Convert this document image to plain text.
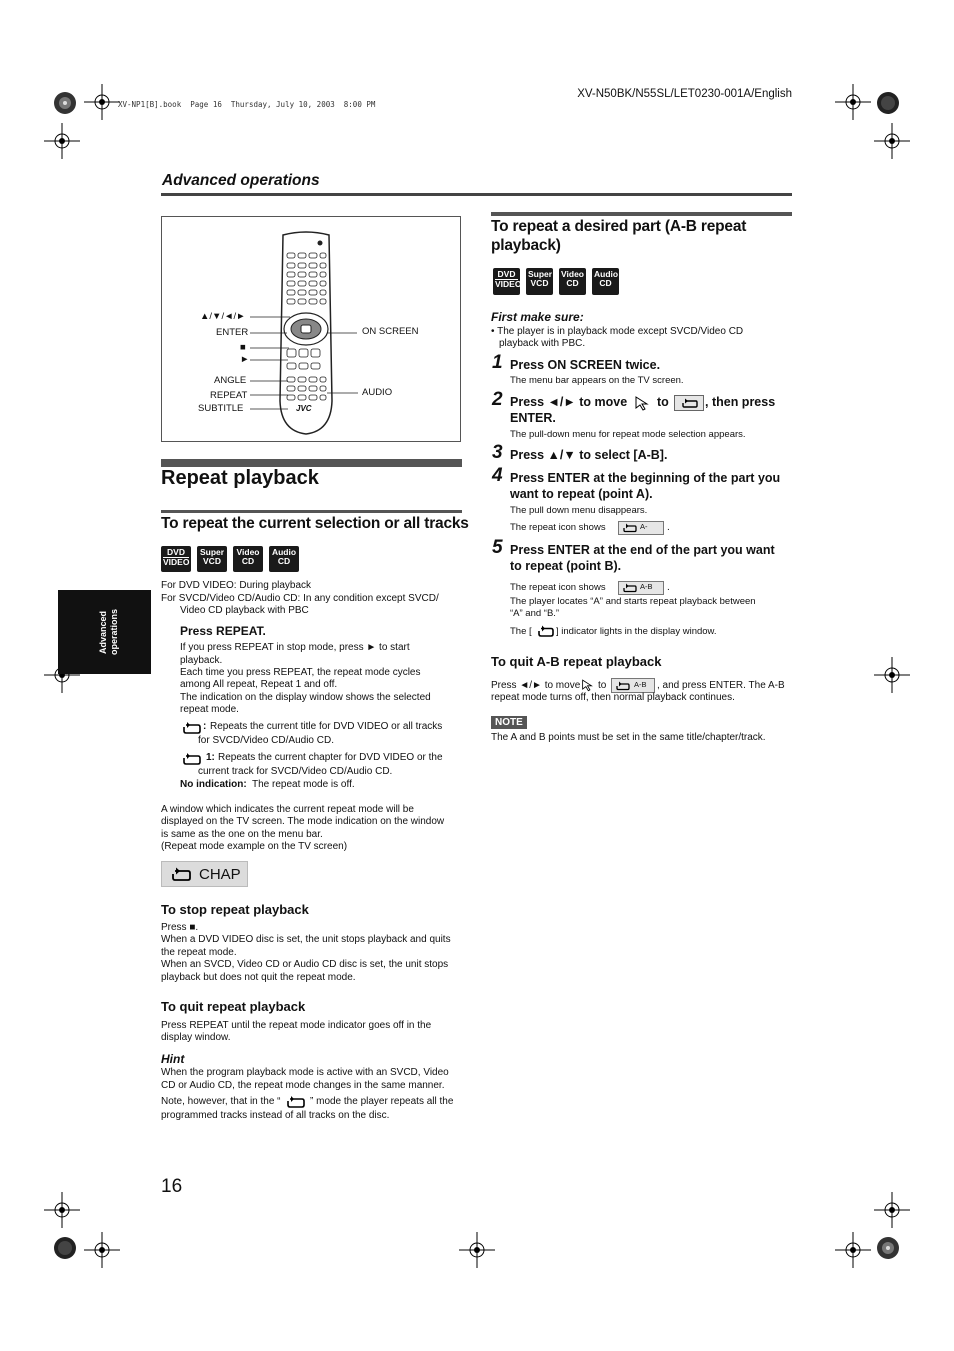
XV-NP1[B].book  Page 16  Thursday, July 10, 2003  8:00 PM
XV-N50BK/N55SL/LET0230-001A/English
Advanced operations
Advanced operations
JVC
▲/▼/◄/►
ENTER
■
►
ANGLE
REPEAT
SUBTITLE
ON SCREEN
AUDIO
Repeat playback
To repeat the current selection or all tracks
DVD
VIDEO
Super
VCD
Video
CD
Audio
CD
For DVD VIDEO: During playback
For SVCD/Video CD/Audio CD: In any condition except SVCD/
Video CD playback with PBC
Press REPEAT.
If you press REPEAT in stop mode, press ► to start
playback.
Each time you press REPEAT, the repeat mode cycles
among All repeat, Repeat 1 and off.
The indication on the display window shows the selected
repeat mode.
: Repeats the current title for DVD VIDEO or all tracks
for SVCD/Video CD/Audio CD.
1: Repeats the current chapter for DVD VIDEO or the
current track for SVCD/Video CD/Audio CD.
No indication: The repeat mode is off.
A window which indicates the current repeat mode will be
displayed on the TV screen. The mode indication on the window
is same as the one on the menu bar.
(Repeat mode example on the TV screen)
CHAP
To stop repeat playback
Press ■.
When a DVD VIDEO disc is set, the unit stops playback and quits
the repeat mode.
When an SVCD, Video CD or Audio CD disc is set, the unit stops
playback but does not quit the repeat mode.
To quit repeat playback
Press REPEAT until the repeat mode indicator goes off in the
display window.
Hint
When the program playback mode is active with an SVCD, Video
CD or Audio CD, the repeat mode changes in the same manner.
Note, however, that in the “	” mode the player repeats all the
programmed tracks instead of all tracks on the disc.
To repeat a desired part (A-B repeat
playback)
DVD
VIDEO
Super
VCD
Video
CD
Audio
CD
First make sure:
• The player is in playback mode except SVCD/Video CD
playback with PBC.
1 Press ON SCREEN twice.
The menu bar appears on the TV screen.
2 Press ◄/► to move to	, then press
ENTER.
The pull-down menu for repeat mode selection appears.
3 Press ▲/▼ to select [A-B].
4 Press ENTER at the beginning of the part you
want to repeat (point A).
The pull down menu disappears.
The repeat icon shows	A- .
5 Press ENTER at the end of the part you want
to repeat (point B).
The repeat icon shows	A-B .
The player locates “A” and starts repeat playback between
“A” and “B.”
The [	] indicator lights in the display window.
To quit A-B repeat playback
Press ◄/► to move to	A-B , and press ENTER. The A-B
repeat mode turns off, then normal playback continues.
NOTE
The A and B points must be set in the same title/chapter/track.
16
